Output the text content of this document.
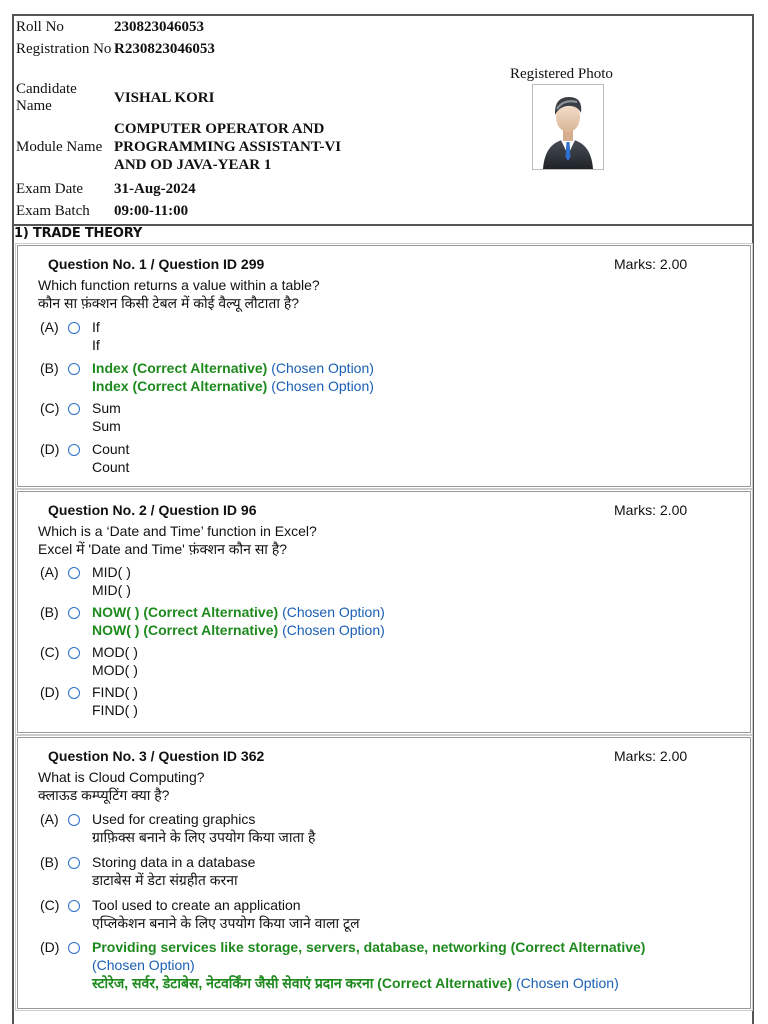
Roll No	230823046053
Registration No R230823046053
Candidate Name	VISHAL KORI
Module Name
COMPUTER OPERATOR AND PROGRAMMING ASSISTANT-VI AND OD JAVA-YEAR 1
Exam Date	31-Aug-2024
Exam Batch	09:00-11:00
Registered Photo
1) TRADE THEORY
Question No. 1 / Question ID 299	Marks: 2.00
Which function returns a value within a table?
कौन सा फ़ंक्शन किसी टेबल में कोई वैल्यू लौटाता है?
(A)	If
If
(B)	Index (Correct Alternative) (Chosen Option)
Index (Correct Alternative) (Chosen Option)
(C)	Sum
Sum
(D)	Count
Count
Question No. 2 / Question ID 96	Marks: 2.00
Which is a ‘Date and Time’ function in Excel?
Excel में 'Date and Time' फ़ंक्शन कौन सा है?
(A)	MID( )
MID( )
(B)	NOW( ) (Correct Alternative) (Chosen Option)
NOW( ) (Correct Alternative) (Chosen Option)
(C)	MOD( )
MOD( )
(D)	FIND( )
FIND( )
Question No. 3 / Question ID 362	Marks: 2.00
What is Cloud Computing?
क्लाऊड कम्प्यूटिंग क्या है?
(A)	Used for creating graphics
ग्राफ़िक्स बनाने के लिए उपयोग किया जाता है
(B)	Storing data in a database
डाटाबेस में डेटा संग्रहीत करना
(C)	Tool used to create an application
एप्लिकेशन बनाने के लिए उपयोग किया जाने वाला टूल
(D)	Providing services like storage, servers, database, networking (Correct Alternative) (Chosen Option)
स्टोरेज, सर्वर, डेटाबेस, नेटवर्किंग जैसी सेवाएं प्रदान करना (Correct Alternative) (Chosen Option)
